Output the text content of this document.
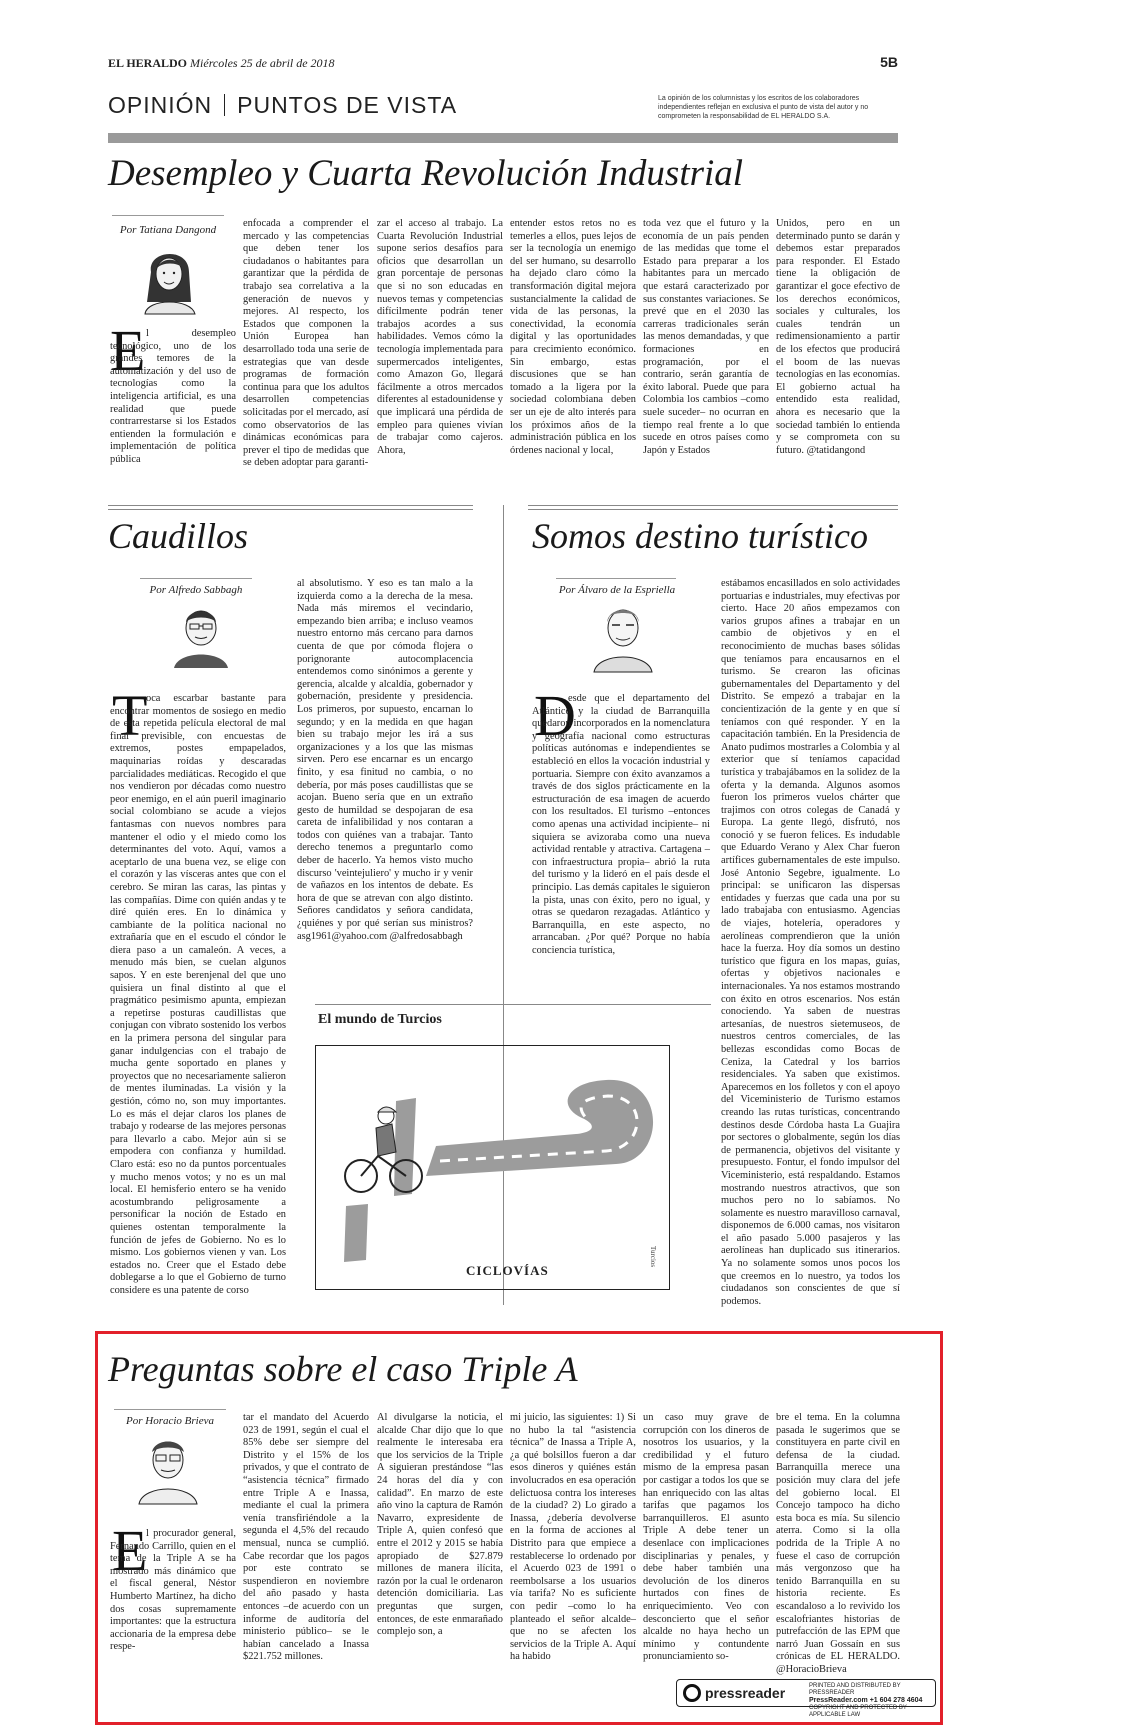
EL HERALDO Miércoles 25 de abril de 2018	5B
OPINIÓN PUNTOS DE VISTA	La opinión de los columnistas y los escritos de los colaboradores independientes reflejan en exclusiva el punto de vista del autor y no comprometen la responsabilidad de EL HERALDO S.A.
Desempleo y Cuarta Revolución Industrial
Por Tatiana Dangond
E l desempleo tecnológico, uno de los grandes temores de la automatización y del uso de tecnologías como la inteligencia artificial, es una realidad que puede contrarrestarse si los Estados entienden la formulación e implementación de política pública
enfocada a comprender el mercado y las competencias que deben tener los ciudadanos o habitantes para garantizar que la pérdida de trabajo sea correlativa a la generación de nuevos y mejores. Al respecto, los Estados que componen la Unión Europea han desarrollado toda una serie de estrategias que van desde programas de formación continua para que los adultos desarrollen competencias solicitadas por el mercado, así como observatorios de las dinámicas económicas para prever el tipo de medidas que se deben adoptar para garanti-
zar el acceso al trabajo. La Cuarta Revolución Industrial supone serios desafíos para oficios que desarrollan un gran porcentaje de personas que si no son educadas en nuevos temas y competencias difícilmente podrán tener trabajos acordes a sus habilidades. Vemos cómo la tecnología implementada para supermercados inteligentes, como Amazon Go, llegará fácilmente a otros mercados diferentes al estadounidense y que implicará una pérdida de empleo para quienes vivían de trabajar como cajeros. Ahora,
entender estos retos no es temerles a ellos, pues lejos de ser la tecnología un enemigo del ser humano, su desarrollo ha dejado claro cómo la transformación digital mejora sustancialmente la calidad de vida de las personas, la conectividad, la economía digital y las oportunidades para crecimiento económico. Sin embargo, estas discusiones que se han tomado a la ligera por la sociedad colombiana deben ser un eje de alto interés para los próximos años de la administración pública en los órdenes nacional y local,
toda vez que el futuro y la economía de un país penden de las medidas que tome el Estado para preparar a los habitantes para un mercado que estará caracterizado por sus constantes variaciones. Se prevé que en el 2030 las carreras tradicionales serán las menos demandadas, y que formaciones en programación, por el contrario, serán garantía de éxito laboral. Puede que para Colombia los cambios –como suele suceder– no ocurran en tiempo real frente a lo que sucede en otros países como Japón y Estados
Unidos, pero en un determinado punto se darán y debemos estar preparados para responder. El Estado tiene la obligación de garantizar el goce efectivo de los derechos económicos, sociales y culturales, los cuales tendrán un redimensionamiento a partir de los efectos que producirá el boom de las nuevas tecnologías en las economías. El gobierno actual ha entendido esta realidad, ahora es necesario que la sociedad también lo entienda y se comprometa con su futuro. @tatidangond
Caudillos
Por Alfredo Sabbagh
T
oca escarbar bastante para encontrar momentos de sosiego en medio de esta repetida película electoral de mal final previsible, con encuestas de extremos, postes empapelados, maquinarias roídas y descaradas parcialidades mediáticas. Recogido el que nos vendieron por décadas como nuestro peor enemigo, en el aún pueril imaginario social colombiano se acude a viejos fantasmas con nuevos nombres para mantener el odio y el miedo como los determinantes del voto. Aquí, vamos a aceptarlo de una buena vez, se elige con el corazón y las vísceras antes que con el cerebro. Se miran las caras, las pintas y las compañías. Dime con quién andas y te diré quién eres. En lo dinámica y cambiante de la política nacional no extrañaría que en el escudo el cóndor le diera paso a un camaleón. A veces, a menudo más bien, se cuelan algunos sapos. Y en este berenjenal del que uno quisiera un final distinto al que el pragmático pesimismo apunta, empiezan a repetirse posturas caudillistas que conjugan con vibrato sostenido los verbos en la primera persona del singular para ganar indulgencias con el trabajo de mucha gente soportado en planes y proyectos que no necesariamente salieron de mentes iluminadas. La visión y la gestión, cómo no, son muy importantes. Lo es más el dejar claros los planes de trabajo y rodearse de las mejores personas para llevarlo a cabo. Mejor aún si se empodera con confianza y humildad. Claro está: eso no da puntos porcentuales y mucho menos votos; y no es un mal local. El hemisferio entero se ha venido acostumbrando peligrosamente a personificar la noción de Estado en quienes ostentan temporalmente la función de jefes de Gobierno. No es lo mismo. Los gobiernos vienen y van. Los estados no. Creer que el Estado debe doblegarse a lo que el Gobierno de turno considere es una patente de corso
al absolutismo. Y eso es tan malo a la izquierda como a la derecha de la mesa. Nada más miremos el vecindario, empezando bien arriba; e incluso veamos nuestro entorno más cercano para darnos cuenta de que por cómoda flojera o porignorante autocomplacencia entendemos como sinónimos a gerente y gerencia, alcalde y alcaldía, gobernador y gobernación, presidente y presidencia. Los primeros, por supuesto, encarnan lo segundo; y en la medida en que hagan bien su trabajo mejor les irá a sus organizaciones y a los que las mismas sirven. Pero ese encarnar es un encargo finito, y esa finitud no cambia, o no debería, por más poses caudillistas que se acojan. Bueno sería que en un extraño gesto de humildad se despojaran de esa careta de infalibilidad y nos contaran a todos con quiénes van a trabajar. Tanto derecho tenemos a preguntarlo como deber de hacerlo. Ya hemos visto mucho discurso 'veintejuliero' y mucho ir y venir de vañazos en los intentos de debate. Es hora de que se atrevan con algo distinto. Señores candidatos y señora candidata, ¿quiénes y por qué serían sus ministros? asg1961@yahoo.com @alfredosabbagh
Somos destino turístico
Por Álvaro de la Espriella
D
esde que el departamento del Atlántico y la ciudad de Barranquilla quedaron incorporados en la nomenclatura y geografía nacional como estructuras políticas autónomas e independientes se estableció en ellos la vocación industrial y portuaria. Siempre con éxito avanzamos a través de dos siglos prácticamente en la estructuración de esa imagen de acuerdo con los resultados. El turismo –entonces como apenas una actividad incipiente– ni siquiera se avizoraba como una nueva actividad rentable y atractiva. Cartagena –con infraestructura propia– abrió la ruta del turismo y la lideró en el país desde el principio. Las demás capitales le siguieron la pista, unas con éxito, pero no igual, y otras se quedaron rezagadas. Atlántico y Barranquilla, en este aspecto, no arrancaban. ¿Por qué? Porque no había conciencia turística,
estábamos encasillados en solo actividades portuarias e industriales, muy efectivas por cierto. Hace 20 años empezamos con varios grupos afines a trabajar en un cambio de objetivos y en el reconocimiento de muchas bases sólidas que teníamos para encausarnos en el turismo. Se crearon las oficinas gubernamentales del Departamento y del Distrito. Se empezó a trabajar en la concientización de la gente y en que sí teníamos con qué responder. Y en la capacitación también. En la Presidencia de Anato pudimos mostrarles a Colombia y al exterior que sí teníamos capacidad turística y trabajábamos en la solidez de la oferta y la demanda. Algunos asomos fueron los primeros vuelos chárter que trajimos con otros colegas de Canadá y Europa. La gente llegó, disfrutó, nos conoció y se fueron felices. Es indudable que Eduardo Verano y Alex Char fueron artífices gubernamentales de este impulso. José Antonio Segebre, igualmente. Lo principal: se unificaron las dispersas entidades y fuerzas que cada una por su lado trabajaba con entusiasmo. Agencias de viajes, hotelería, operadores y aerolíneas comprendieron que la unión hace la fuerza. Hoy día somos un destino turístico que figura en los mapas, guías, ofertas y objetivos nacionales e internacionales. Ya nos estamos mostrando con éxito en otros escenarios. Nos están conociendo. Ya saben de nuestras artesanías, de nuestros sietemuseos, de nuestros centros comerciales, de las bellezas escondidas como Bocas de Ceniza, la Catedral y los barrios residenciales. Ya saben que existimos. Aparecemos en los folletos y con el apoyo del Viceministerio de Turismo estamos creando las rutas turísticas, concentrando destinos desde Córdoba hasta La Guajira por sectores o globalmente, según los días de permanencia, objetivos del visitante y presupuesto. Fontur, el fondo impulsor del Viceministerio, está respaldando. Estamos mostrando nuestros atractivos, que son muchos pero no lo sabíamos. No solamente es nuestro maravilloso carnaval, disponemos de 6.000 camas, nos visitaron el año pasado 5.000 pasajeros y las aerolíneas han duplicado sus itinerarios. Ya no solamente somos unos pocos los que creemos en lo nuestro, ya todos los ciudadanos son conscientes de que sí podemos.
El mundo de Turcios
CICLOVÍAS
Turcios
Preguntas sobre el caso Triple A
Por Horacio Brieva
E
l procurador general, Fernando Carrillo, quien en el tema de la Triple A se ha mostrado más dinámico que el fiscal general, Néstor Humberto Martínez, ha dicho dos cosas supremamente importantes: que la estructura accionaria de la empresa debe respe-
tar el mandato del Acuerdo 023 de 1991, según el cual el 85% debe ser siempre del Distrito y el 15% de los privados, y que el contrato de “asistencia técnica” firmado entre Triple A e Inassa, mediante el cual la primera venía transfiriéndole a la segunda el 4,5% del recaudo mensual, nunca se cumplió. Cabe recordar que los pagos por este contrato se suspendieron en noviembre del año pasado y hasta entonces –de acuerdo con un informe de auditoría del ministerio público– se le habían cancelado a Inassa $221.752 millones.
Al divulgarse la noticia, el alcalde Char dijo que lo que realmente le interesaba era que los servicios de la Triple A siguieran prestándose “las 24 horas del día y con calidad”. En marzo de este año vino la captura de Ramón Navarro, expresidente de Triple A, quien confesó que entre el 2012 y 2015 se había apropiado de $27.879 millones de manera ilícita, razón por la cual le ordenaron detención domiciliaria. Las preguntas que surgen, entonces, de este enmarañado complejo son, a
mi juicio, las siguientes: 1) Si no hubo la tal “asistencia técnica” de Inassa a Triple A, ¿a qué bolsillos fueron a dar esos dineros y quiénes están involucrados en esa operación delictuosa contra los intereses de la ciudad? 2) Lo girado a Inassa, ¿debería devolverse en la forma de acciones al Distrito para que empiece a restablecerse lo ordenado por el Acuerdo 023 de 1991 o reembolsarse a los usuarios vía tarifa? No es suficiente con pedir –como lo ha planteado el señor alcalde– que no se afecten los servicios de la Triple A. Aquí ha habido
un caso muy grave de corrupción con los dineros de nosotros los usuarios, y la credibilidad y el futuro mismo de la empresa pasan por castigar a todos los que se han enriquecido con las altas tarifas que pagamos los barranquilleros. El asunto Triple A debe tener un desenlace con implicaciones disciplinarias y penales, y debe haber también una devolución de los dineros hurtados con fines de enriquecimiento. Veo con desconcierto que el señor alcalde no haya hecho un mínimo y contundente pronunciamiento so-
bre el tema. En la columna pasada le sugerimos que se constituyera en parte civil en defensa de la ciudad. Barranquilla merece una posición muy clara del jefe del gobierno local. El Concejo tampoco ha dicho esta boca es mía. Su silencio aterra. Como si la olla podrida de la Triple A no fuese el caso de corrupción más vergonzoso que ha tenido Barranquilla en su historia reciente. Es escandaloso a lo revivido los escalofriantes historias de putrefacción de las EPM que narró Juan Gossaín en sus crónicas de EL HERALDO. @HoracioBrieva
pressreader	PRINTED AND DISTRIBUTED BY PRESSREADER
PressReader.com +1 604 278 4604
COPYRIGHT AND PROTECTED BY APPLICABLE LAW
